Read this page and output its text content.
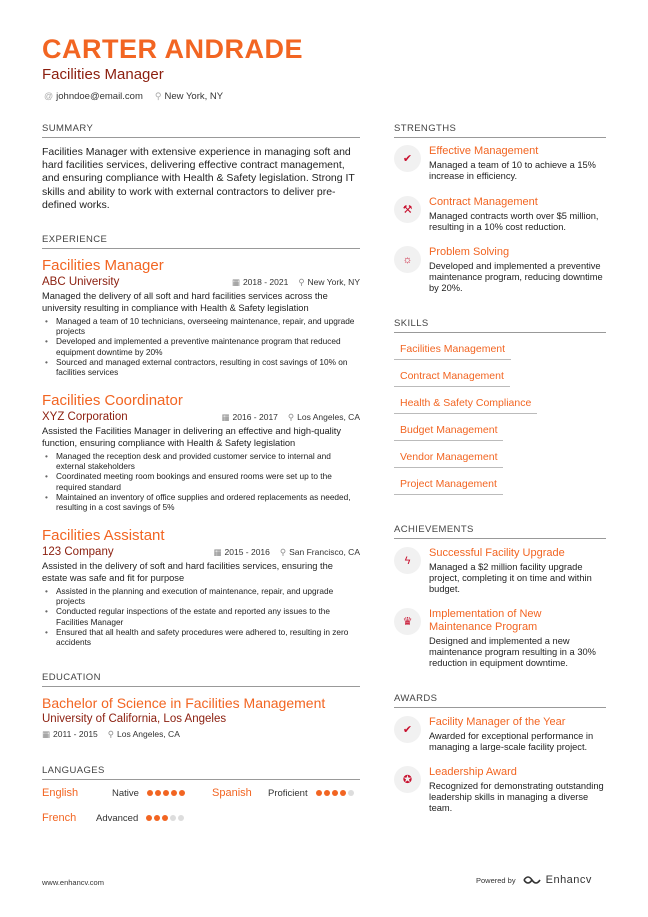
CARTER ANDRADE
Facilities Manager
@ johndoe@email.com ⚲ New York, NY
SUMMARY
Facilities Manager with extensive experience in managing soft and hard facilities services, delivering effective contract management, and ensuring compliance with Health & Safety legislation. Strong IT skills and ability to work with external contractors to deliver pre-defined works.
EXPERIENCE
Facilities Manager
ABC University	▦ 2018 - 2021 ⚲ New York, NY
Managed the delivery of all soft and hard facilities services across the university resulting in compliance with Health & Safety legislation
• Managed a team of 10 technicians, overseeing maintenance, repair, and upgrade projects
• Developed and implemented a preventive maintenance program that reduced equipment downtime by 20%
• Sourced and managed external contractors, resulting in cost savings of 10% on facilities services
Facilities Coordinator
XYZ Corporation	▦ 2016 - 2017 ⚲ Los Angeles, CA
Assisted the Facilities Manager in delivering an effective and high-quality function, ensuring compliance with Health & Safety legislation
• Managed the reception desk and provided customer service to internal and external stakeholders
• Coordinated meeting room bookings and ensured rooms were set up to the required standard
• Maintained an inventory of office supplies and ordered replacements as needed, resulting in a cost savings of 5%
Facilities Assistant
123 Company	▦ 2015 - 2016 ⚲ San Francisco, CA
Assisted in the delivery of soft and hard facilities services, ensuring the estate was safe and fit for purpose
• Assisted in the planning and execution of maintenance, repair, and upgrade projects
• Conducted regular inspections of the estate and reported any issues to the Facilities Manager
• Ensured that all health and safety procedures were adhered to, resulting in zero accidents
EDUCATION
Bachelor of Science in Facilities Management
University of California, Los Angeles
▦ 2011 - 2015 ⚲ Los Angeles, CA
LANGUAGES
English	Native	Spanish	Proficient
French	Advanced
STRENGTHS
✔
Effective Management
Managed a team of 10 to achieve a 15% increase in efficiency.
⚒
Contract Management
Managed contracts worth over $5 million, resulting in a 10% cost reduction.
☼
Problem Solving
Developed and implemented a preventive maintenance program, reducing downtime by 20%.
SKILLS
Facilities Management
Contract Management
Health & Safety Compliance
Budget Management
Vendor Management
Project Management
ACHIEVEMENTS
ϟ
Successful Facility Upgrade
Managed a $2 million facility upgrade project, completing it on time and within budget.
♛
Implementation of New Maintenance Program
Designed and implemented a new maintenance program resulting in a 30% reduction in equipment downtime.
AWARDS
✔
Facility Manager of the Year
Awarded for exceptional performance in managing a large-scale facility project.
✪
Leadership Award
Recognized for demonstrating outstanding leadership skills in managing a diverse team.
www.enhancv.com	Powered by	Enhancv
